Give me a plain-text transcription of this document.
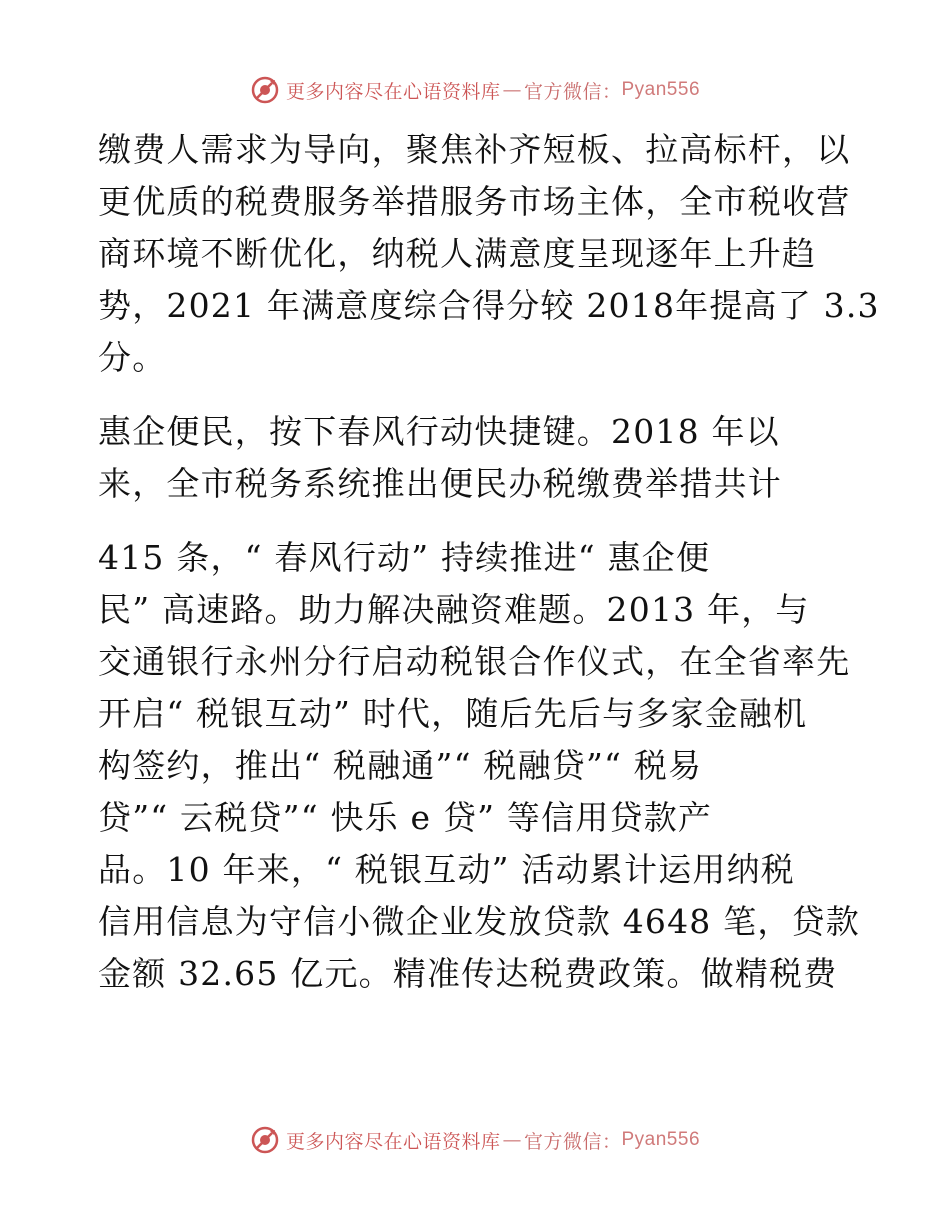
更多内容尽在心语资料库 — 官方微信： Pyan556
缴费人需求为导向，聚焦补齐短板、拉高标杆，以
更优质的税费服务举措服务市场主体，全市税收营
商环境不断优化，纳税人满意度呈现逐年上升趋
势，2021 年满意度综合得分较 2018年提高了 3.3
分。
惠企便民，按下春风行动快捷键。2018 年以
来，全市税务系统推出便民办税缴费举措共计
415 条，“ 春风行动” 持续推进“ 惠企便
民” 高速路。助力解决融资难题。2013 年，与
交通银行永州分行启动税银合作仪式，在全省率先
开启“ 税银互动” 时代，随后先后与多家金融机
构签约，推出“ 税融通”“ 税融贷”“ 税易
贷”“ 云税贷”“ 快乐 e 贷” 等信用贷款产
品。10 年来，“ 税银互动” 活动累计运用纳税
信用信息为守信小微企业发放贷款 4648 笔，贷款
金额 32.65 亿元。精准传达税费政策。做精税费
更多内容尽在心语资料库 — 官方微信： Pyan556
